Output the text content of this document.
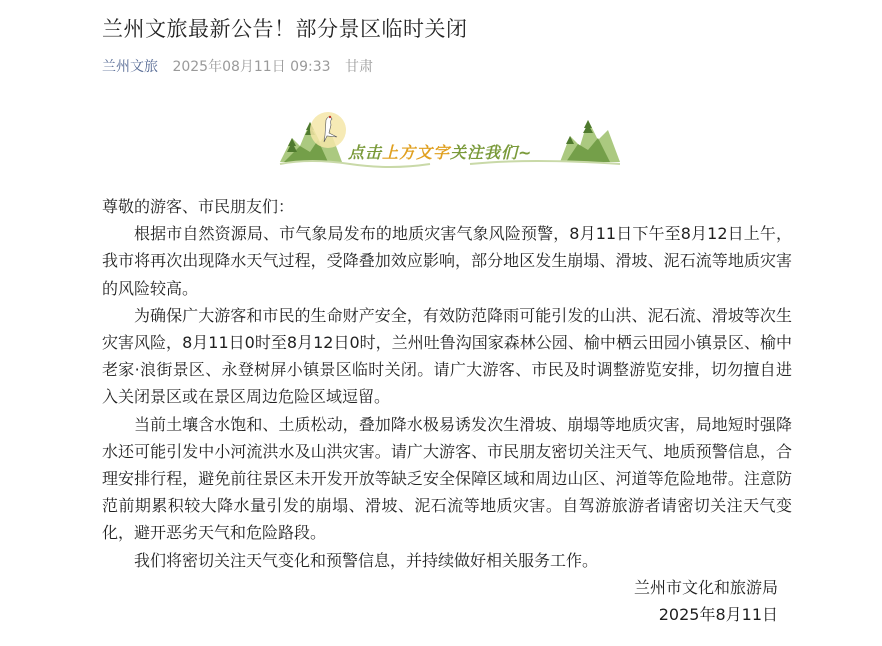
兰州文旅最新公告！部分景区临时关闭
兰州文旅 2025年08月11日 09:33 甘肃
点击上方文字关注我们~

尊敬的游客、市民朋友们：

根据市自然资源局、市气象局发布的地质灾害气象风险预警，8月11日下午至8月12日上午，我市将再次出现降水天气过程，受降叠加效应影响，部分地区发生崩塌、滑坡、泥石流等地质灾害的风险较高。

为确保广大游客和市民的生命财产安全，有效防范降雨可能引发的山洪、泥石流、滑坡等次生灾害风险，8月11日0时至8月12日0时，兰州吐鲁沟国家森林公园、榆中栖云田园小镇景区、榆中老家·浪街景区、永登树屏小镇景区临时关闭。请广大游客、市民及时调整游览安排，切勿擅自进入关闭景区或在景区周边危险区域逗留。

当前土壤含水饱和、土质松动，叠加降水极易诱发次生滑坡、崩塌等地质灾害，局地短时强降水还可能引发中小河流洪水及山洪灾害。请广大游客、市民朋友密切关注天气、地质预警信息，合理安排行程，避免前往景区未开发开放等缺乏安全保障区域和周边山区、河道等危险地带。注意防范前期累积较大降水量引发的崩塌、滑坡、泥石流等地质灾害。自驾游旅游者请密切关注天气变化，避开恶劣天气和危险路段。

我们将密切关注天气变化和预警信息，并持续做好相关服务工作。

兰州市文化和旅游局

2025年8月11日
